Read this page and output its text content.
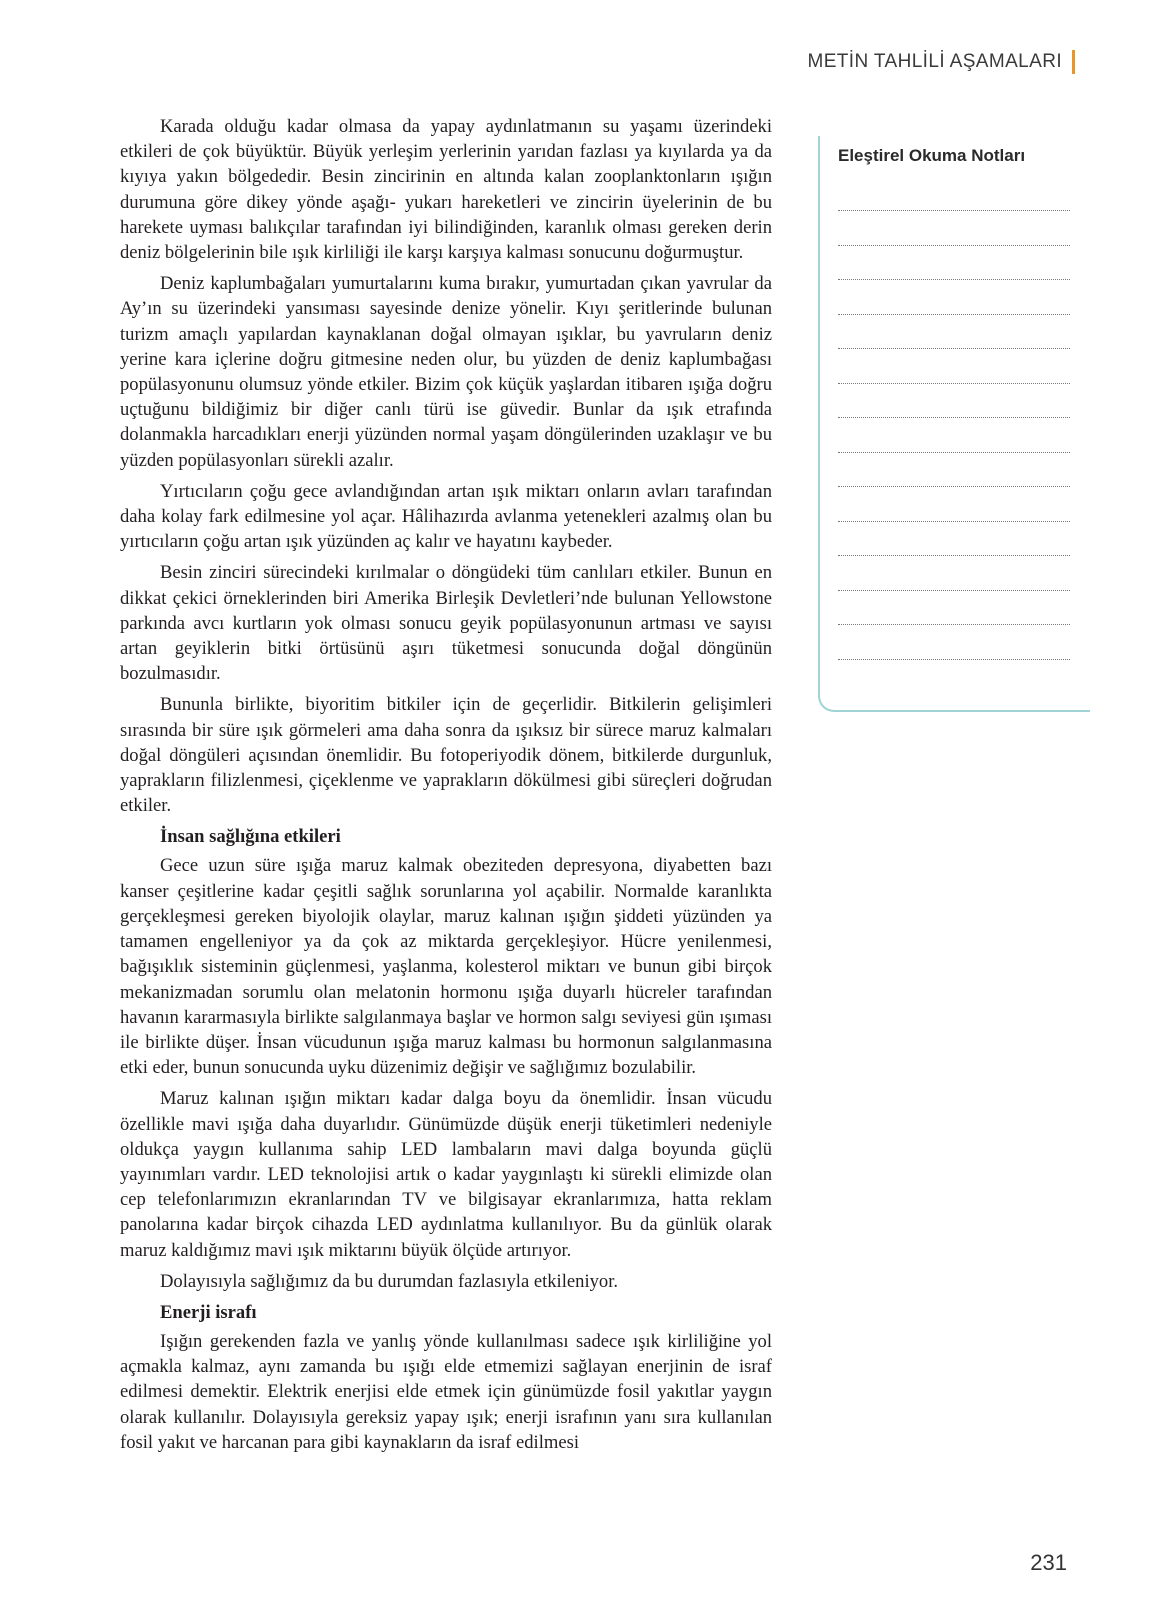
METİN TAHLİLİ AŞAMALARI

Karada olduğu kadar olmasa da yapay aydınlatmanın su yaşamı üzerindeki etkileri de çok büyüktür. Büyük yerleşim yerlerinin yarıdan fazlası ya kıyılarda ya da kıyıya yakın bölgededir. Besin zincirinin en altında kalan zooplanktonların ışığın durumuna göre dikey yönde aşağı- yukarı hareketleri ve zincirin üyelerinin de bu harekete uyması balıkçılar tarafından iyi bilindiğinden, karanlık olması gereken derin deniz bölgelerinin bile ışık kirliliği ile karşı karşıya kalması sonucunu doğurmuştur.

Deniz kaplumbağaları yumurtalarını kuma bırakır, yumurtadan çıkan yavrular da Ay’ın su üzerindeki yansıması sayesinde denize yönelir. Kıyı şeritlerinde bulunan turizm amaçlı yapılardan kaynaklanan doğal olmayan ışıklar, bu yavruların deniz yerine kara içlerine doğru gitmesine neden olur, bu yüzden de deniz kaplumbağası popülasyonunu olumsuz yönde etkiler. Bizim çok küçük yaşlardan itibaren ışığa doğru uçtuğunu bildiğimiz bir diğer canlı türü ise güvedir. Bunlar da ışık etrafında dolanmakla harcadıkları enerji yüzünden normal yaşam döngülerinden uzaklaşır ve bu yüzden popülasyonları sürekli azalır.

Yırtıcıların çoğu gece avlandığından artan ışık miktarı onların avları tarafından daha kolay fark edilmesine yol açar. Hâlihazırda avlanma yetenekleri azalmış olan bu yırtıcıların çoğu artan ışık yüzünden aç kalır ve hayatını kaybeder.

Besin zinciri sürecindeki kırılmalar o döngüdeki tüm canlıları etkiler. Bunun en dikkat çekici örneklerinden biri Amerika Birleşik Devletleri’nde bulunan Yellowstone parkında avcı kurtların yok olması sonucu geyik popülasyonunun artması ve sayısı artan geyiklerin bitki örtüsünü aşırı tüketmesi sonucunda doğal döngünün bozulmasıdır.

Bununla birlikte, biyoritim bitkiler için de geçerlidir. Bitkilerin gelişimleri sırasında bir süre ışık görmeleri ama daha sonra da ışıksız bir sürece maruz kalmaları doğal döngüleri açısından önemlidir. Bu fotoperiyodik dönem, bitkilerde durgunluk, yaprakların filizlenmesi, çiçeklenme ve yaprakların dökülmesi gibi süreçleri doğrudan etkiler.

İnsan sağlığına etkileri

Gece uzun süre ışığa maruz kalmak obeziteden depresyona, diyabetten bazı kanser çeşitlerine kadar çeşitli sağlık sorunlarına yol açabilir. Normalde karanlıkta gerçekleşmesi gereken biyolojik olaylar, maruz kalınan ışığın şiddeti yüzünden ya tamamen engelleniyor ya da çok az miktarda gerçekleşiyor. Hücre yenilenmesi, bağışıklık sisteminin güçlenmesi, yaşlanma, kolesterol miktarı ve bunun gibi birçok mekanizmadan sorumlu olan melatonin hormonu ışığa duyarlı hücreler tarafından havanın kararmasıyla birlikte salgılanmaya başlar ve hormon salgı seviyesi gün ışıması ile birlikte düşer. İnsan vücudunun ışığa maruz kalması bu hormonun salgılanmasına etki eder, bunun sonucunda uyku düzenimiz değişir ve sağlığımız bozulabilir.

Maruz kalınan ışığın miktarı kadar dalga boyu da önemlidir. İnsan vücudu özellikle mavi ışığa daha duyarlıdır. Günümüzde düşük enerji tüketimleri nedeniyle oldukça yaygın kullanıma sahip LED lambaların mavi dalga boyunda güçlü yayınımları vardır. LED teknolojisi artık o kadar yaygınlaştı ki sürekli elimizde olan cep telefonlarımızın ekranlarından TV ve bilgisayar ekranlarımıza, hatta reklam panolarına kadar birçok cihazda LED aydınlatma kullanılıyor. Bu da günlük olarak maruz kaldığımız mavi ışık miktarını büyük ölçüde artırıyor.

Dolayısıyla sağlığımız da bu durumdan fazlasıyla etkileniyor.

Enerji israfı

Işığın gerekenden fazla ve yanlış yönde kullanılması sadece ışık kirliliğine yol açmakla kalmaz, aynı zamanda bu ışığı elde etmemizi sağlayan enerjinin de israf edilmesi demektir. Elektrik enerjisi elde etmek için günümüzde fosil yakıtlar yaygın olarak kullanılır. Dolayısıyla gereksiz yapay ışık; enerji israfının yanı sıra kullanılan fosil yakıt ve harcanan para gibi kaynakların da israf edilmesi

Eleştirel Okuma Notları
231
